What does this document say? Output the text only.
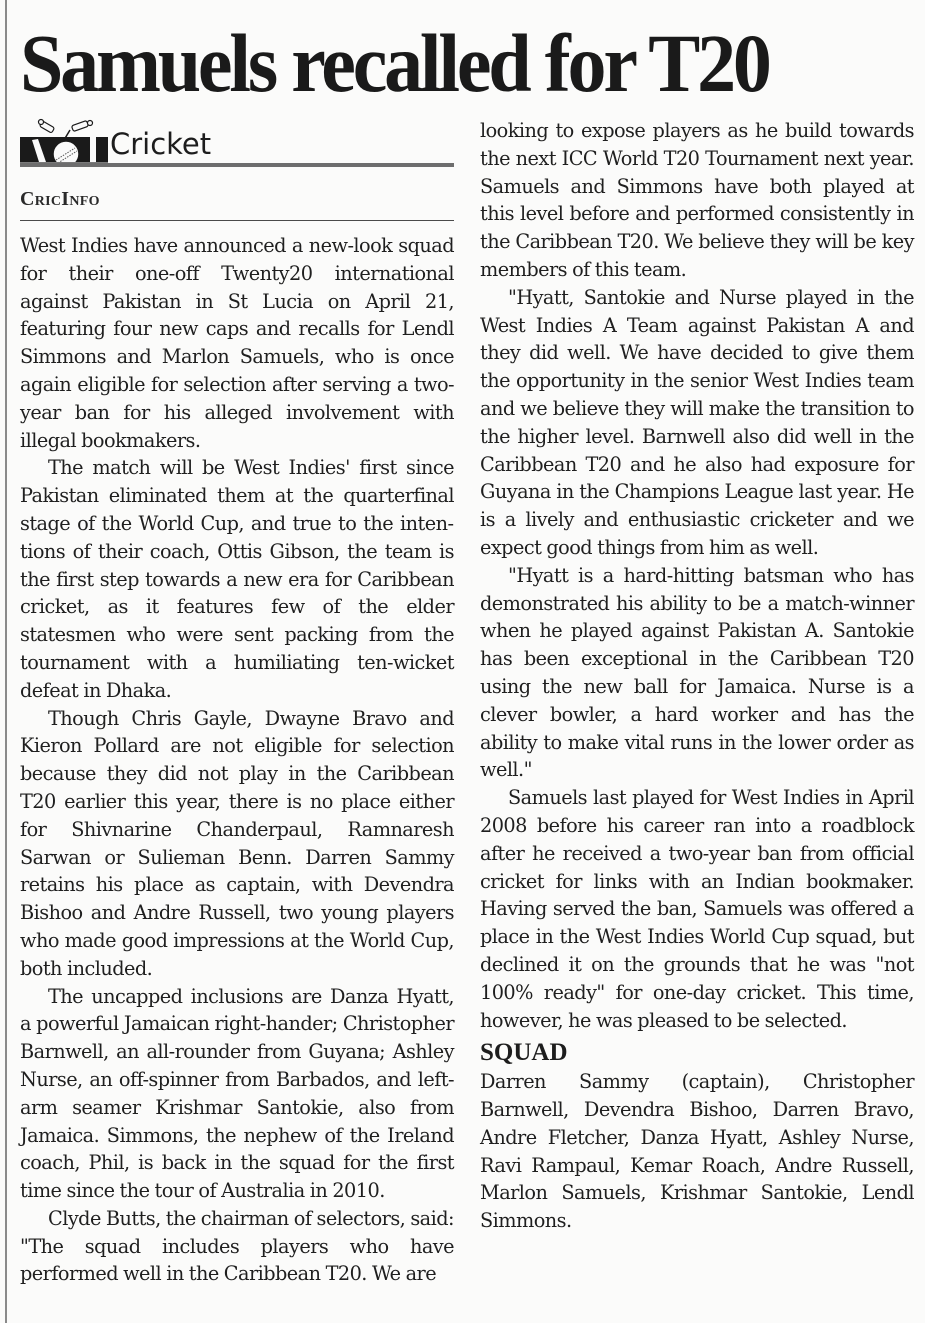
Samuels recalled for T20
Cricket
CricInfo

West Indies have announced a new-look squad for their one-off Twenty20 international against Pakistan in St Lucia on April 21, featuring four new caps and recalls for Lendl Simmons and Marlon Samuels, who is once again eligible for selection after serving a two-year ban for his alleged involvement with illegal bookmakers.

The match will be West Indies' first since Pakistan eliminated them at the quarterfinal stage of the World Cup, and true to the intentions of their coach, Ottis Gibson, the team is the first step towards a new era for Caribbean cricket, as it features few of the elder statesmen who were sent packing from the tournament with a humiliating ten-wicket defeat in Dhaka.

Though Chris Gayle, Dwayne Bravo and Kieron Pollard are not eligible for selection because they did not play in the Caribbean T20 earlier this year, there is no place either for Shivnarine Chanderpaul, Ramnaresh Sarwan or Sulieman Benn. Darren Sammy retains his place as captain, with Devendra Bishoo and Andre Russell, two young players who made good impressions at the World Cup, both included.

The uncapped inclusions are Danza Hyatt, a powerful Jamaican right-hander; Christopher Barnwell, an all-rounder from Guyana; Ashley Nurse, an off-spinner from Barbados, and left-arm seamer Krishmar Santokie, also from Jamaica. Simmons, the nephew of the Ireland coach, Phil, is back in the squad for the first time since the tour of Australia in 2010.

Clyde Butts, the chairman of selectors, said: "The squad includes players who have performed well in the Caribbean T20. We are

looking to expose players as he build towards the next ICC World T20 Tournament next year. Samuels and Simmons have both played at this level before and performed consistently in the Caribbean T20. We believe they will be key members of this team.

"Hyatt, Santokie and Nurse played in the West Indies A Team against Pakistan A and they did well. We have decided to give them the opportunity in the senior West Indies team and we believe they will make the transition to the higher level. Barnwell also did well in the Caribbean T20 and he also had exposure for Guyana in the Champions League last year. He is a lively and enthusiastic cricketer and we expect good things from him as well.

"Hyatt is a hard-hitting batsman who has demonstrated his ability to be a match-winner when he played against Pakistan A. Santokie has been exceptional in the Caribbean T20 using the new ball for Jamaica. Nurse is a clever bowler, a hard worker and has the ability to make vital runs in the lower order as well."

Samuels last played for West Indies in April 2008 before his career ran into a roadblock after he received a two-year ban from official cricket for links with an Indian bookmaker. Having served the ban, Samuels was offered a place in the West Indies World Cup squad, but declined it on the grounds that he was "not 100% ready" for one-day cricket. This time, however, he was pleased to be selected.

SQUAD

Darren Sammy (captain), Christopher Barnwell, Devendra Bishoo, Darren Bravo, Andre Fletcher, Danza Hyatt, Ashley Nurse, Ravi Rampaul, Kemar Roach, Andre Russell, Marlon Samuels, Krishmar Santokie, Lendl Simmons.
